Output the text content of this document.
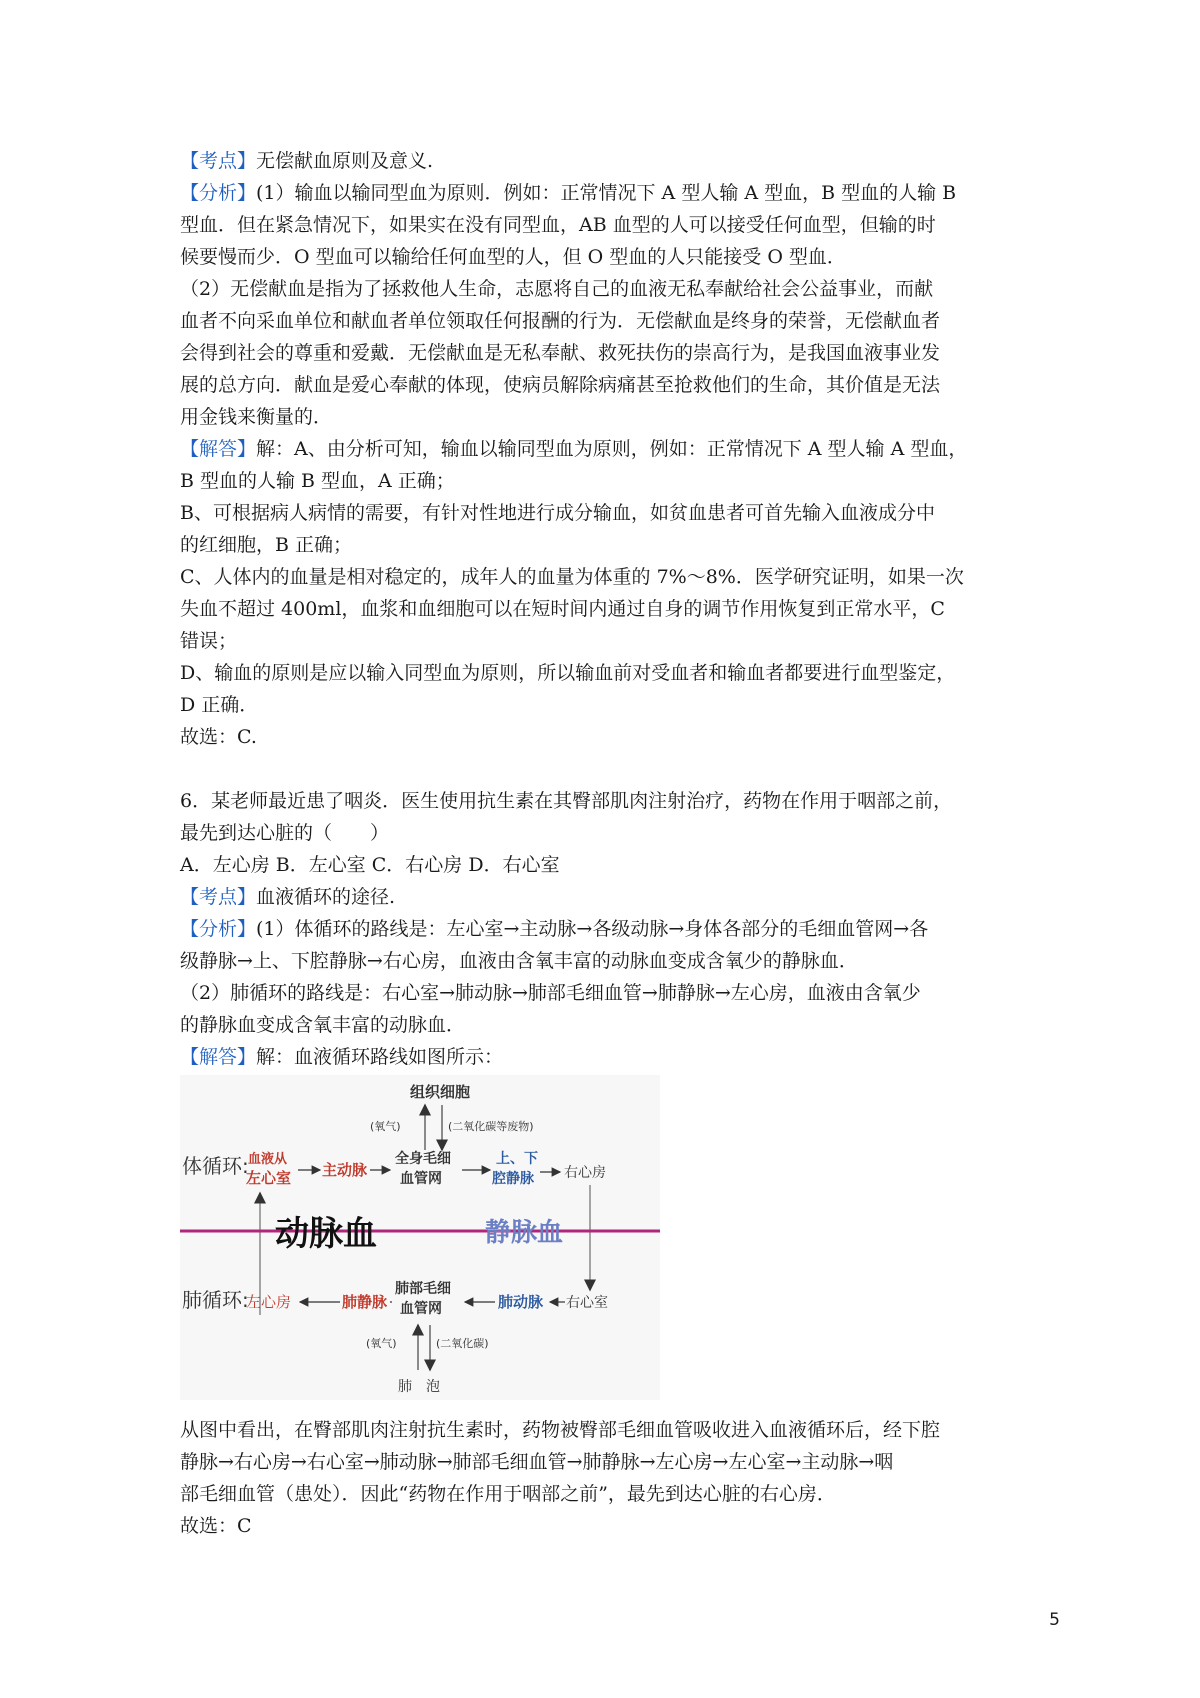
【考点】无偿献血原则及意义.
【分析】(1）输血以输同型血为原则．例如：正常情况下 A 型人输 A 型血，B 型血的人输 B
型血．但在紧急情况下，如果实在没有同型血，AB 血型的人可以接受任何血型，但输的时
候要慢而少．O 型血可以输给任何血型的人，但 O 型血的人只能接受 O 型血．
（2）无偿献血是指为了拯救他人生命，志愿将自己的血液无私奉献给社会公益事业，而献
血者不向采血单位和献血者单位领取任何报酬的行为．无偿献血是终身的荣誉，无偿献血者
会得到社会的尊重和爱戴．无偿献血是无私奉献、救死扶伤的崇高行为，是我国血液事业发
展的总方向．献血是爱心奉献的体现，使病员解除病痛甚至抢救他们的生命，其价值是无法
用金钱来衡量的．
【解答】解：A、由分析可知，输血以输同型血为原则，例如：正常情况下 A 型人输 A 型血，
B 型血的人输 B 型血，A 正确；
B、可根据病人病情的需要，有针对性地进行成分输血，如贫血患者可首先输入血液成分中
的红细胞，B 正确；
C、人体内的血量是相对稳定的，成年人的血量为体重的 7%～8%．医学研究证明，如果一次
失血不超过 400ml，血浆和血细胞可以在短时间内通过自身的调节作用恢复到正常水平，C
错误；
D、输血的原则是应以输入同型血为原则，所以输血前对受血者和输血者都要进行血型鉴定，
D 正确．
故选：C.
6．某老师最近患了咽炎．医生使用抗生素在其臀部肌肉注射治疗，药物在作用于咽部之前，
最先到达心脏的（　　）
A．左心房 B．左心室 C．右心房 D．右心室
【考点】血液循环的途径.
【分析】(1）体循环的路线是：左心室→主动脉→各级动脉→身体各部分的毛细血管网→各
级静脉→上、下腔静脉→右心房，血液由含氧丰富的动脉血变成含氧少的静脉血．
（2）肺循环的路线是：右心室→肺动脉→肺部毛细血管→肺静脉→左心房，血液由含氧少
的静脉血变成含氧丰富的动脉血．
【解答】解：血液循环路线如图所示：
组织细胞
(氧气)	(二氧化碳等废物)
体循环: 血液从
左心室 主动脉
全身毛细
血管网
上、下
腔静脉 右心房
动脉血	静脉血
肺循环:
左心房	肺静脉
肺部毛细
血管网	肺动脉 右心室
(氧气)	(二氧化碳)
肺　泡
从图中看出，在臀部肌肉注射抗生素时，药物被臀部毛细血管吸收进入血液循环后，经下腔
静脉→右心房→右心室→肺动脉→肺部毛细血管→肺静脉→左心房→左心室→主动脉→咽
部毛细血管（患处）．因此“药物在作用于咽部之前”，最先到达心脏的右心房．
故选：C
5
